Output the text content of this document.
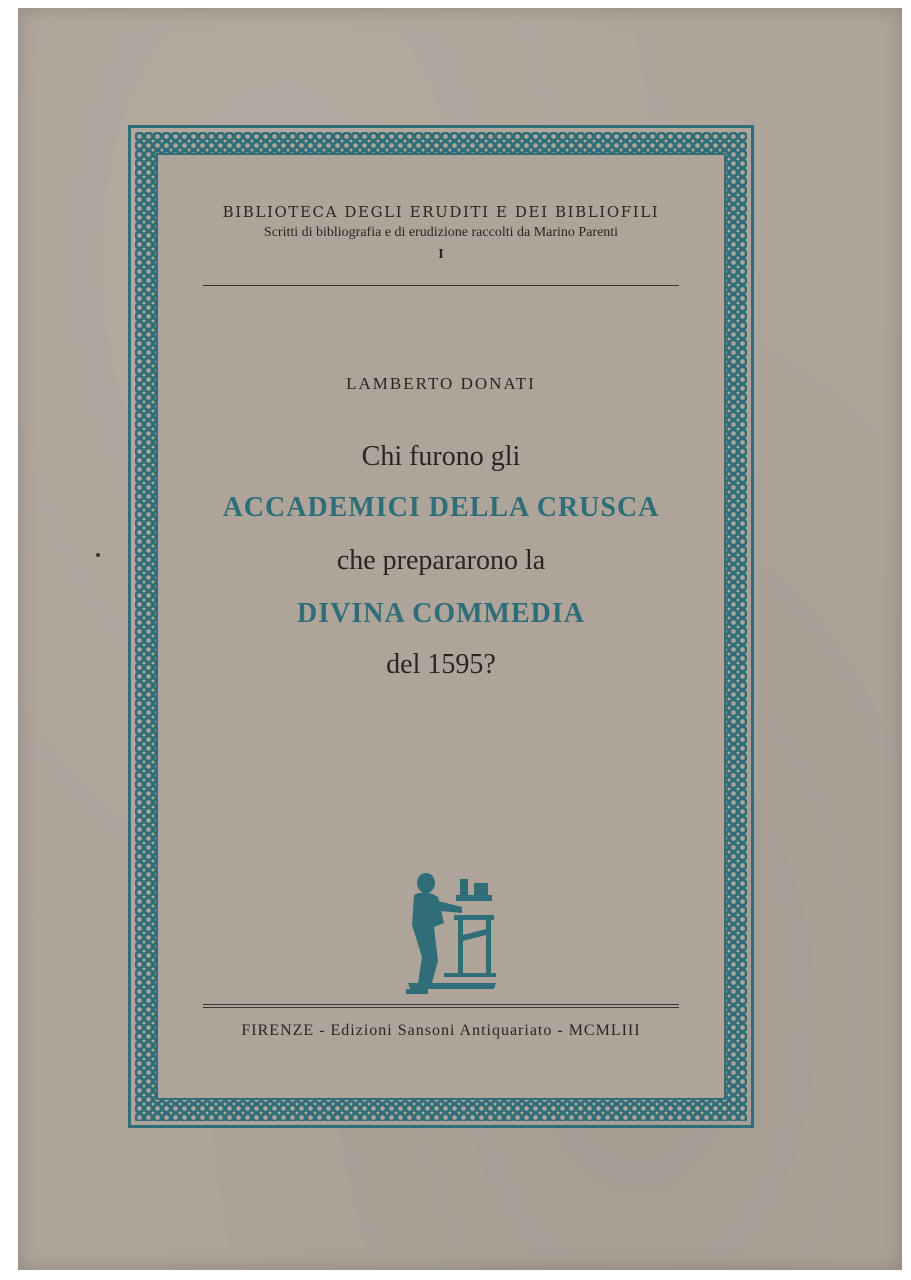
BIBLIOTECA DEGLI ERUDITI E DEI BIBLIOFILI
Scritti di bibliografia e di erudizione raccolti da Marino Parenti
I
LAMBERTO DONATI
Chi furono gli
ACCADEMICI DELLA CRUSCA
che prepararono la
DIVINA COMMEDIA
del 1595?
FIRENZE - Edizioni Sansoni Antiquariato - MCMLIII
